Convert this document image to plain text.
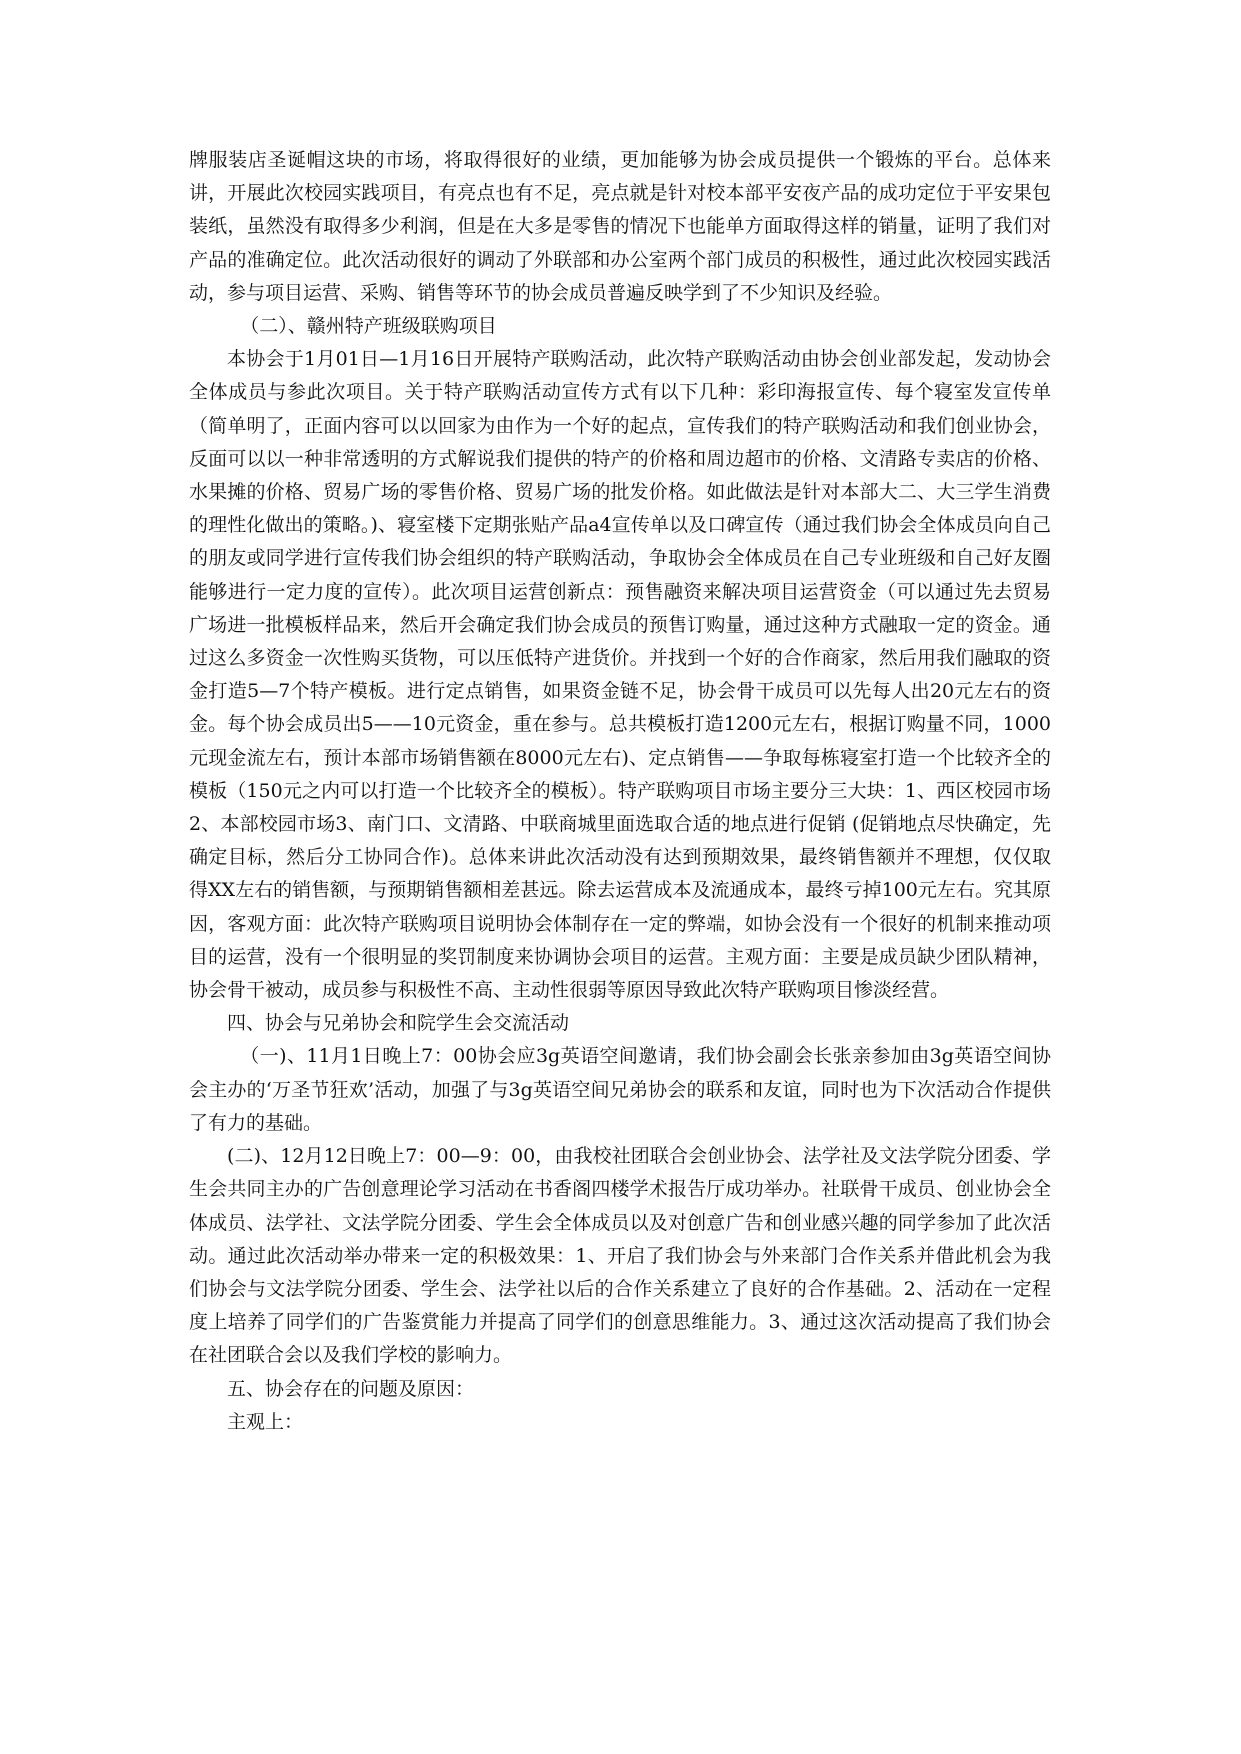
牌服装店圣诞帽这块的市场，将取得很好的业绩，更加能够为协会成员提供一个锻炼的平台。总体来讲，开展此次校园实践项目，有亮点也有不足，亮点就是针对校本部平安夜产品的成功定位于平安果包装纸，虽然没有取得多少利润，但是在大多是零售的情况下也能单方面取得这样的销量，证明了我们对产品的准确定位。此次活动很好的调动了外联部和办公室两个部门成员的积极性，通过此次校园实践活动，参与项目运营、采购、销售等环节的协会成员普遍反映学到了不少知识及经验。

（二）、赣州特产班级联购项目

本协会于1月01日—1月16日开展特产联购活动，此次特产联购活动由协会创业部发起，发动协会全体成员与参此次项目。关于特产联购活动宣传方式有以下几种：彩印海报宣传、每个寝室发宣传单（简单明了，正面内容可以以回家为由作为一个好的起点，宣传我们的特产联购活动和我们创业协会，反面可以以一种非常透明的方式解说我们提供的特产的价格和周边超市的价格、文清路专卖店的价格、水果摊的价格、贸易广场的零售价格、贸易广场的批发价格。如此做法是针对本部大二、大三学生消费的理性化做出的策略。)、寝室楼下定期张贴产品a4宣传单以及口碑宣传（通过我们协会全体成员向自己的朋友或同学进行宣传我们协会组织的特产联购活动，争取协会全体成员在自己专业班级和自己好友圈能够进行一定力度的宣传）。此次项目运营创新点：预售融资来解决项目运营资金（可以通过先去贸易广场进一批模板样品来，然后开会确定我们协会成员的预售订购量，通过这种方式融取一定的资金。通过这么多资金一次性购买货物，可以压低特产进货价。并找到一个好的合作商家，然后用我们融取的资金打造5—7个特产模板。进行定点销售，如果资金链不足，协会骨干成员可以先每人出20元左右的资金。每个协会成员出5——10元资金，重在参与。总共模板打造1200元左右，根据订购量不同，1000元现金流左右，预计本部市场销售额在8000元左右)、定点销售——争取每栋寝室打造一个比较齐全的模板（150元之内可以打造一个比较齐全的模板）。特产联购项目市场主要分三大块：1、西区校园市场 2、本部校园市场3、南门口、文清路、中联商城里面选取合适的地点进行促销 (促销地点尽快确定，先确定目标，然后分工协同合作)。总体来讲此次活动没有达到预期效果，最终销售额并不理想，仅仅取得XX左右的销售额，与预期销售额相差甚远。除去运营成本及流通成本，最终亏掉100元左右。究其原因，客观方面：此次特产联购项目说明协会体制存在一定的弊端，如协会没有一个很好的机制来推动项目的运营，没有一个很明显的奖罚制度来协调协会项目的运营。主观方面：主要是成员缺少团队精神，协会骨干被动，成员参与积极性不高、主动性很弱等原因导致此次特产联购项目惨淡经营。

四、协会与兄弟协会和院学生会交流活动

（一)、11月1日晚上7：00协会应3g英语空间邀请，我们协会副会长张亲参加由3g英语空间协会主办的‘万圣节狂欢’活动，加强了与3g英语空间兄弟协会的联系和友谊，同时也为下次活动合作提供了有力的基础。

(二)、12月12日晚上7：00—9：00，由我校社团联合会创业协会、法学社及文法学院分团委、学生会共同主办的广告创意理论学习活动在书香阁四楼学术报告厅成功举办。社联骨干成员、创业协会全体成员、法学社、文法学院分团委、学生会全体成员以及对创意广告和创业感兴趣的同学参加了此次活动。通过此次活动举办带来一定的积极效果：1、开启了我们协会与外来部门合作关系并借此机会为我们协会与文法学院分团委、学生会、法学社以后的合作关系建立了良好的合作基础。2、活动在一定程度上培养了同学们的广告鉴赏能力并提高了同学们的创意思维能力。3、通过这次活动提高了我们协会在社团联合会以及我们学校的影响力。

五、协会存在的问题及原因：

主观上：
